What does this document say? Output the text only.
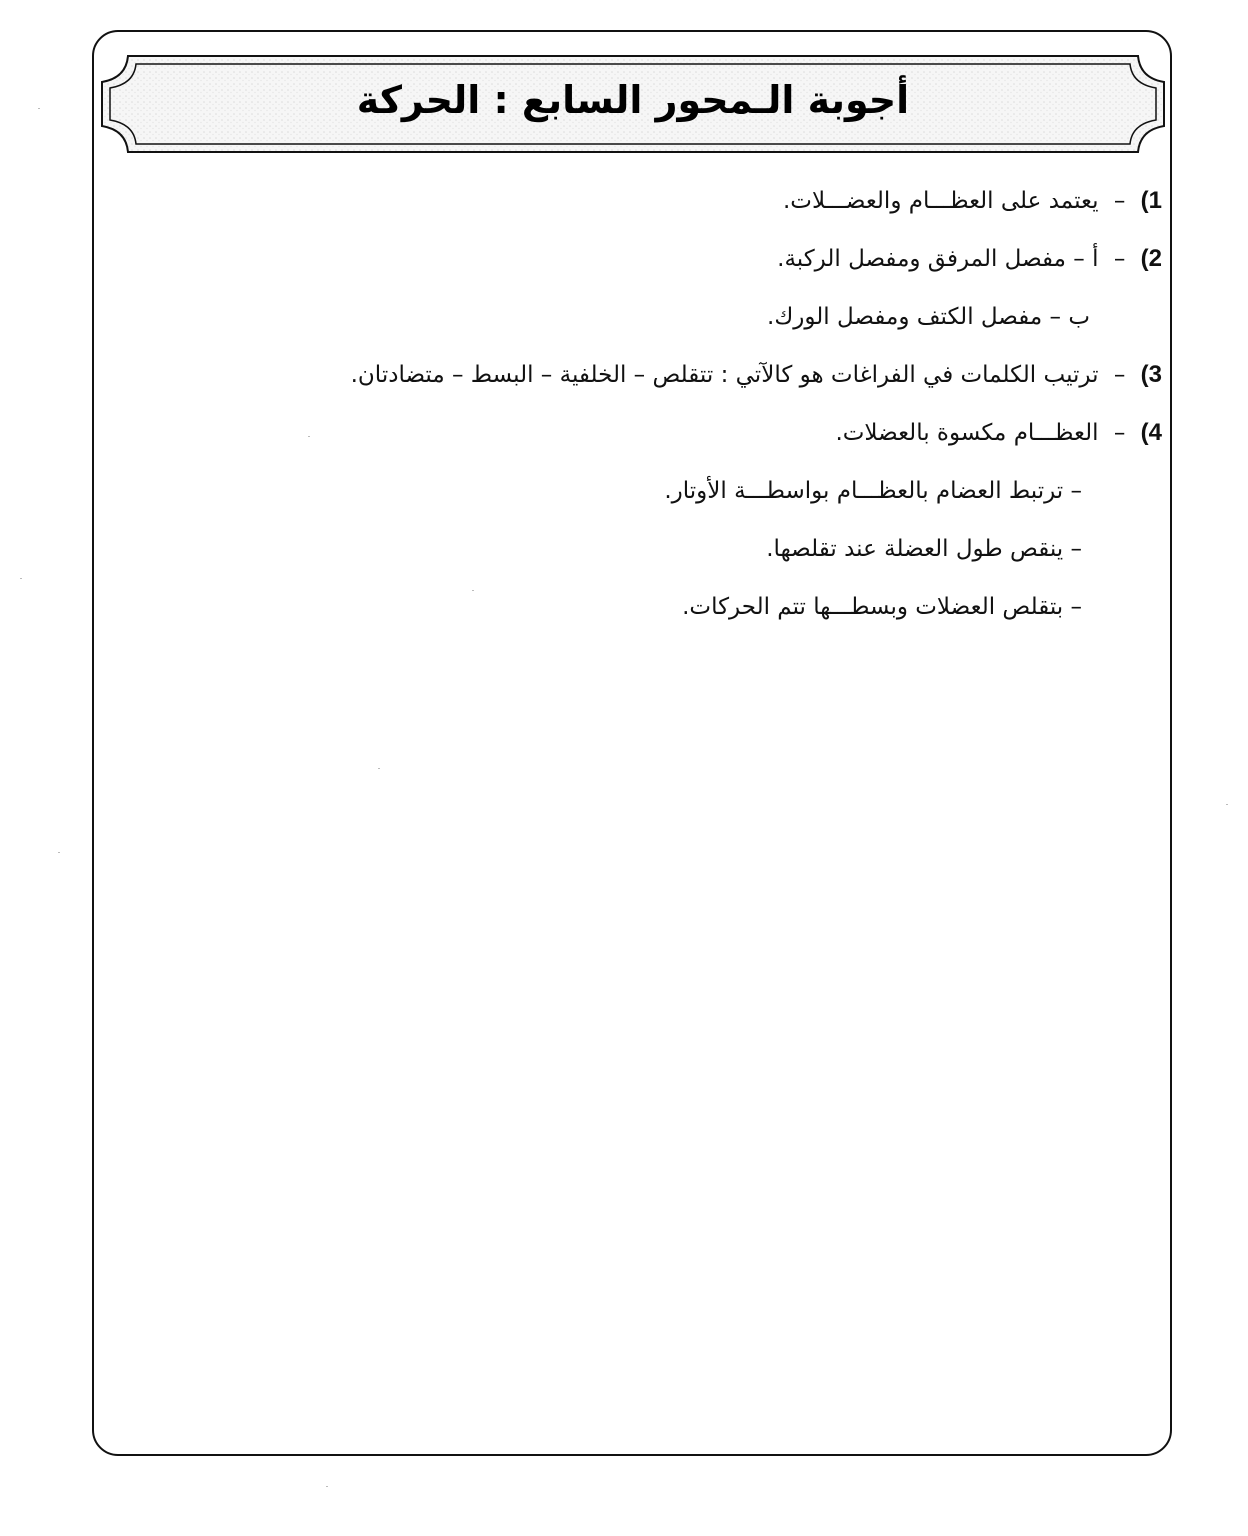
أجوبة الـمحور السابع : الحركة
1) – يعتمد على العظـــام والعضـــلات.
2) – أ – مفصل المرفق ومفصل الركبة.
ب – مفصل الكتف ومفصل الورك.
3) – ترتيب الكلمات في الفراغات هو كالآتي : تتقلص – الخلفية – البسط – متضادتان.
4) – العظـــام مكسوة بالعضلات.
– ترتبط العضام بالعظـــام بواسطـــة الأوتار.
– ينقص طول العضلة عند تقلصها.
– بتقلص العضلات وبسطـــها تتم الحركات.
